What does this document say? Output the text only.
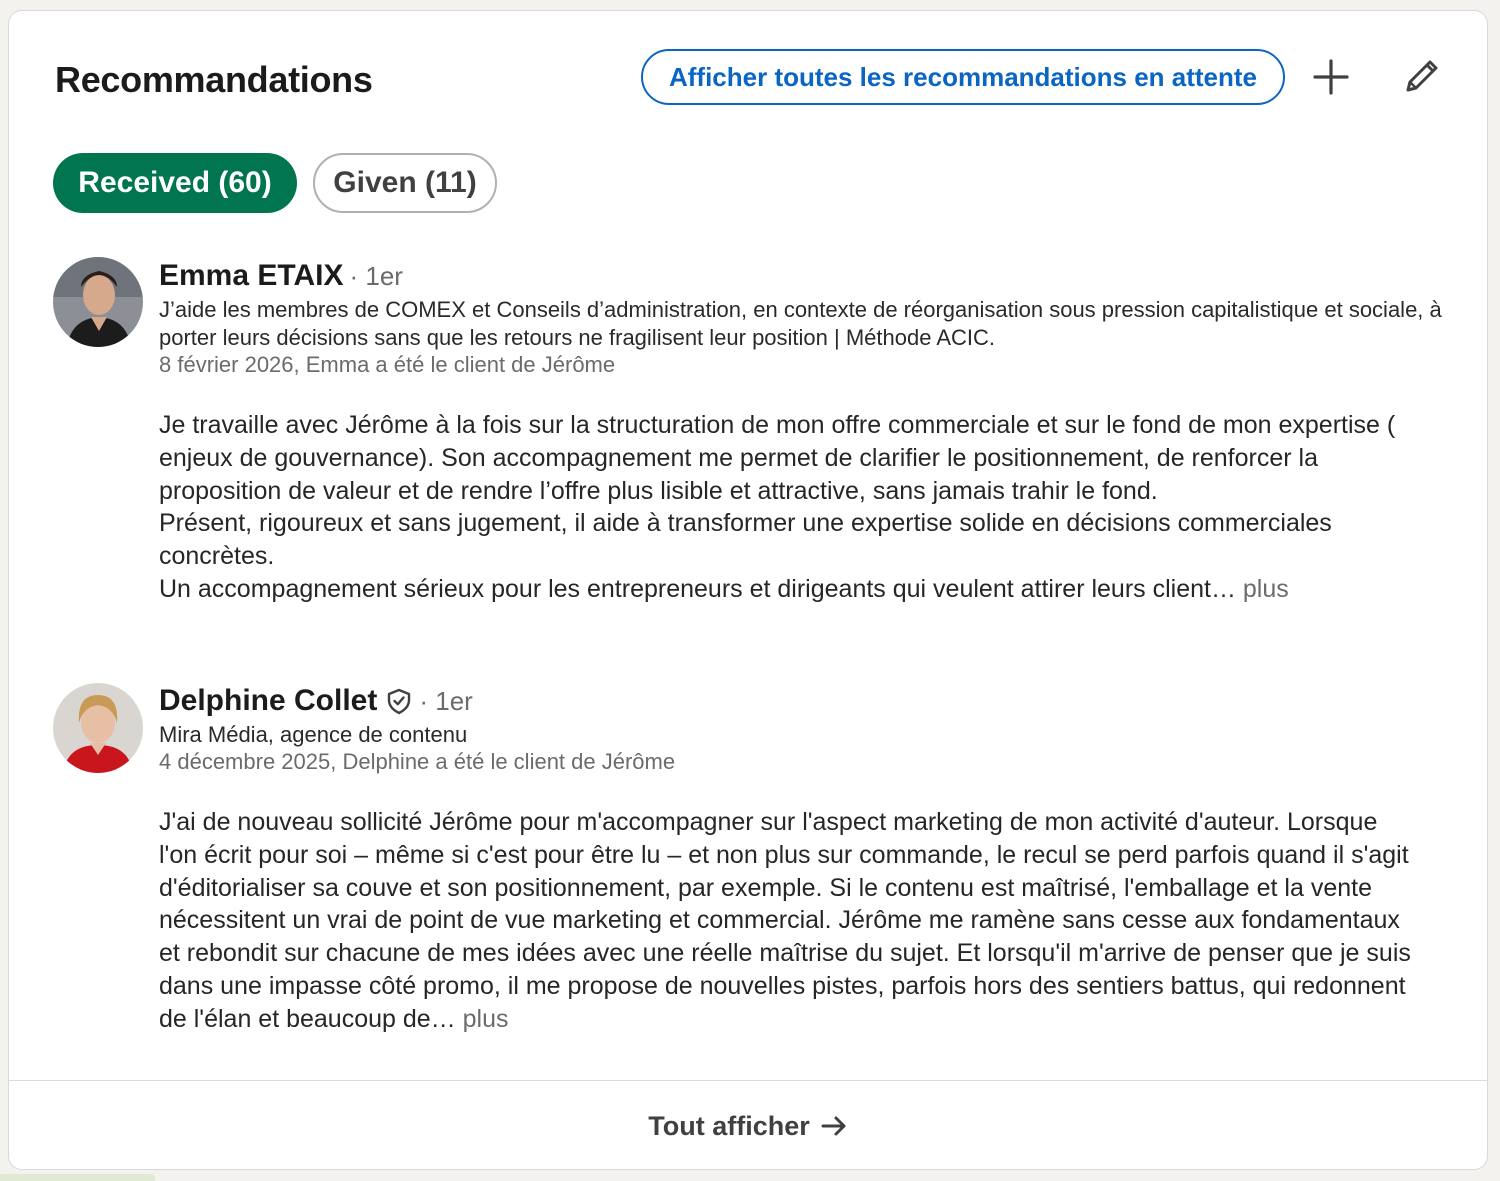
Recommandations	Afficher toutes les recommandations en attente
Received (60)	Given (11)
Emma ETAIX · 1er
J’aide les membres de COMEX et Conseils d’administration, en contexte de réorganisation sous pression capitalistique et sociale, à porter leurs décisions sans que les retours ne fragilisent leur position | Méthode ACIC.
8 février 2026, Emma a été le client de Jérôme

Je travaille avec Jérôme à la fois sur la structuration de mon offre commerciale et sur le fond de mon expertise ( enjeux de gouvernance). Son accompagnement me permet de clarifier le positionnement, de renforcer la proposition de valeur et de rendre l’offre plus lisible et attractive, sans jamais trahir le fond.

Présent, rigoureux et sans jugement, il aide à transformer une expertise solide en décisions commerciales concrètes.

Un accompagnement sérieux pour les entrepreneurs et dirigeants qui veulent attirer leurs client… plus

Delphine Collet · 1er
Mira Média, agence de contenu
4 décembre 2025, Delphine a été le client de Jérôme

J'ai de nouveau sollicité Jérôme pour m'accompagner sur l'aspect marketing de mon activité d'auteur. Lorsque l'on écrit pour soi – même si c'est pour être lu – et non plus sur commande, le recul se perd parfois quand il s'agit d'éditorialiser sa couve et son positionnement, par exemple. Si le contenu est maîtrisé, l'emballage et la vente nécessitent un vrai de point de vue marketing et commercial. Jérôme me ramène sans cesse aux fondamentaux et rebondit sur chacune de mes idées avec une réelle maîtrise du sujet. Et lorsqu'il m'arrive de penser que je suis dans une impasse côté promo, il me propose de nouvelles pistes, parfois hors des sentiers battus, qui redonnent de l'élan et beaucoup de… plus

Tout afficher
